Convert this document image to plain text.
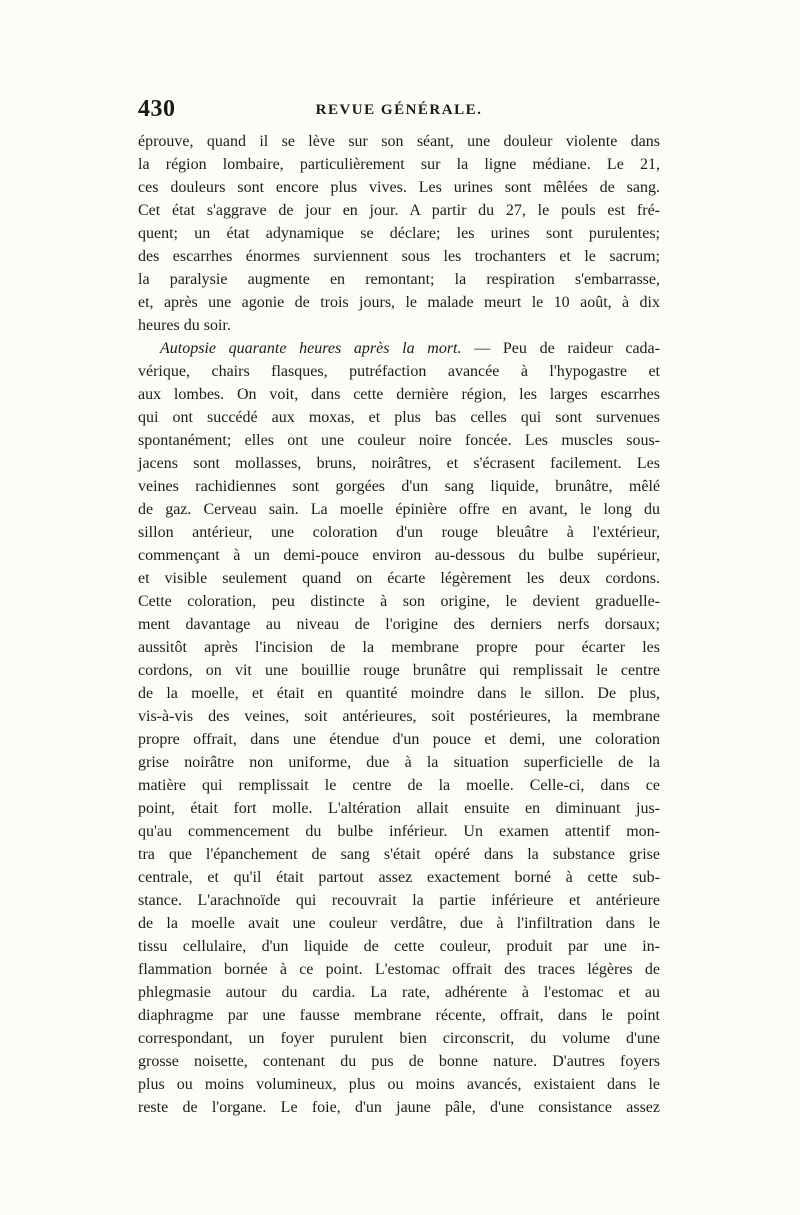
430	REVUE GÉNÉRALE.
éprouve, quand il se lève sur son séant, une douleur violente dans
la région lombaire, particulièrement sur la ligne médiane. Le 21,
ces douleurs sont encore plus vives. Les urines sont mêlées de sang.
Cet état s'aggrave de jour en jour. A partir du 27, le pouls est fré-
quent; un état adynamique se déclare; les urines sont purulentes;
des escarrhes énormes surviennent sous les trochanters et le sacrum;
la paralysie augmente en remontant; la respiration s'embarrasse,
et, après une agonie de trois jours, le malade meurt le 10 août, à dix
heures du soir.
Autopsie quarante heures après la mort. — Peu de raideur cada-
vérique, chairs flasques, putréfaction avancée à l'hypogastre et
aux lombes. On voit, dans cette dernière région, les larges escarrhes
qui ont succédé aux moxas, et plus bas celles qui sont survenues
spontanément; elles ont une couleur noire foncée. Les muscles sous-
jacens sont mollasses, bruns, noirâtres, et s'écrasent facilement. Les
veines rachidiennes sont gorgées d'un sang liquide, brunâtre, mêlé
de gaz. Cerveau sain. La moelle épinière offre en avant, le long du
sillon antérieur, une coloration d'un rouge bleuâtre à l'extérieur,
commençant à un demi-pouce environ au-dessous du bulbe supérieur,
et visible seulement quand on écarte légèrement les deux cordons.
Cette coloration, peu distincte à son origine, le devient graduelle-
ment davantage au niveau de l'origine des derniers nerfs dorsaux;
aussitôt après l'incision de la membrane propre pour écarter les
cordons, on vit une bouillie rouge brunâtre qui remplissait le centre
de la moelle, et était en quantité moindre dans le sillon. De plus,
vis-à-vis des veines, soit antérieures, soit postérieures, la membrane
propre offrait, dans une étendue d'un pouce et demi, une coloration
grise noirâtre non uniforme, due à la situation superficielle de la
matière qui remplissait le centre de la moelle. Celle-ci, dans ce
point, était fort molle. L'altération allait ensuite en diminuant jus-
qu'au commencement du bulbe inférieur. Un examen attentif mon-
tra que l'épanchement de sang s'était opéré dans la substance grise
centrale, et qu'il était partout assez exactement borné à cette sub-
stance. L'arachnoïde qui recouvrait la partie inférieure et antérieure
de la moelle avait une couleur verdâtre, due à l'infiltration dans le
tissu cellulaire, d'un liquide de cette couleur, produit par une in-
flammation bornée à ce point. L'estomac offrait des traces légères de
phlegmasie autour du cardia. La rate, adhérente à l'estomac et au
diaphragme par une fausse membrane récente, offrait, dans le point
correspondant, un foyer purulent bien circonscrit, du volume d'une
grosse noisette, contenant du pus de bonne nature. D'autres foyers
plus ou moins volumineux, plus ou moins avancés, existaient dans le
reste de l'organe. Le foie, d'un jaune pâle, d'une consistance assez
